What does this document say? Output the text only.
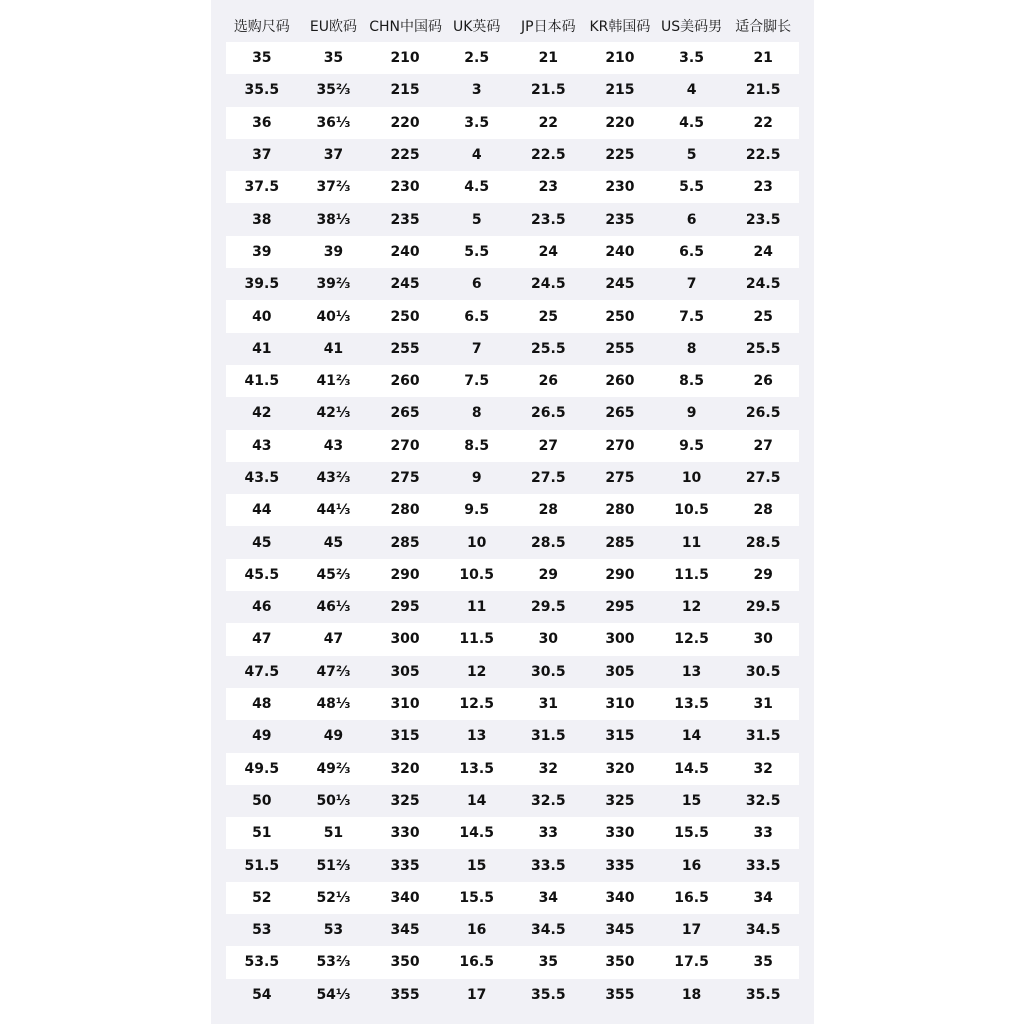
选购尺码	EU欧码	CHN中国码	UK英码	JP日本码	KR韩国码	US美码男	适合脚长
35	35	210	2.5	21	210	3.5	21
35.5	35⅔	215	3	21.5	215	4	21.5
36	36⅓	220	3.5	22	220	4.5	22
37	37	225	4	22.5	225	5	22.5
37.5	37⅔	230	4.5	23	230	5.5	23
38	38⅓	235	5	23.5	235	6	23.5
39	39	240	5.5	24	240	6.5	24
39.5	39⅔	245	6	24.5	245	7	24.5
40	40⅓	250	6.5	25	250	7.5	25
41	41	255	7	25.5	255	8	25.5
41.5	41⅔	260	7.5	26	260	8.5	26
42	42⅓	265	8	26.5	265	9	26.5
43	43	270	8.5	27	270	9.5	27
43.5	43⅔	275	9	27.5	275	10	27.5
44	44⅓	280	9.5	28	280	10.5	28
45	45	285	10	28.5	285	11	28.5
45.5	45⅔	290	10.5	29	290	11.5	29
46	46⅓	295	11	29.5	295	12	29.5
47	47	300	11.5	30	300	12.5	30
47.5	47⅔	305	12	30.5	305	13	30.5
48	48⅓	310	12.5	31	310	13.5	31
49	49	315	13	31.5	315	14	31.5
49.5	49⅔	320	13.5	32	320	14.5	32
50	50⅓	325	14	32.5	325	15	32.5
51	51	330	14.5	33	330	15.5	33
51.5	51⅔	335	15	33.5	335	16	33.5
52	52⅓	340	15.5	34	340	16.5	34
53	53	345	16	34.5	345	17	34.5
53.5	53⅔	350	16.5	35	350	17.5	35
54	54⅓	355	17	35.5	355	18	35.5
